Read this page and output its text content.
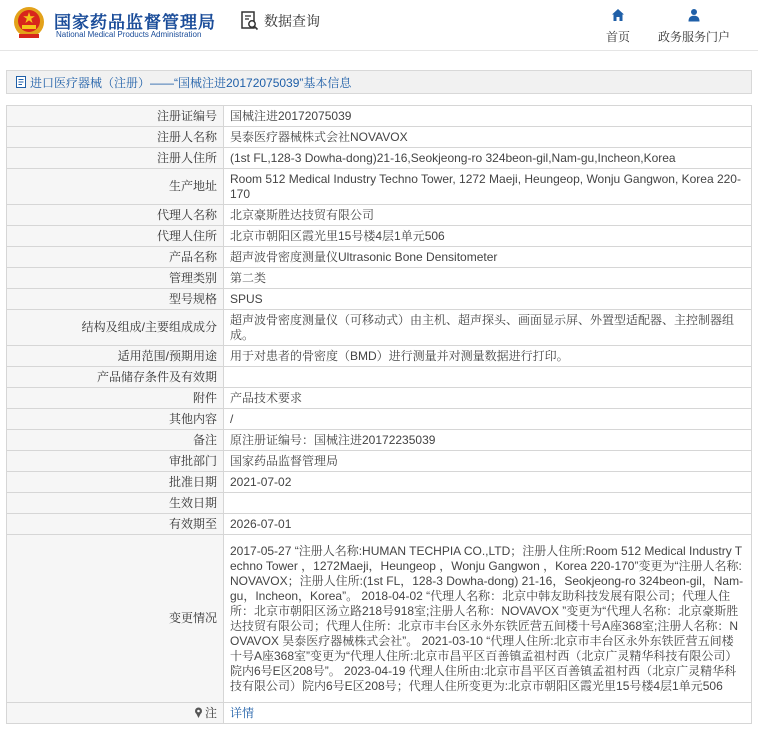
国家药品监督管理局
National Medical Products Administration
数据查询
首页	政务服务门户
进口医疗器械（注册）——“国械注进20172075039”基本信息
注册证编号	国械注进20172075039
注册人名称	昊泰医疗器械株式会社NOVAVOX
注册人住所	(1st FL,128-3 Dowha-dong)21-16,Seokjeong-ro 324beon-gil,Nam-gu,Incheon,Korea
生产地址	Room 512 Medical Industry Techno Tower, 1272 Maeji, Heungeop, Wonju Gangwon, Korea 220-170
代理人名称	北京豪斯胜达技贸有限公司
代理人住所	北京市朝阳区霞光里15号楼4层1单元506
产品名称	超声波骨密度测量仪Ultrasonic Bone Densitometer
管理类别	第二类
型号规格	SPUS
结构及组成/主要组成成分	超声波骨密度测量仪（可移动式）由主机、超声探头、画面显示屏、外置型适配器、主控制器组成。
适用范围/预期用途	用于对患者的骨密度（BMD）进行测量并对测量数据进行打印。
产品储存条件及有效期	
附件	产品技术要求
其他内容	/
备注	原注册证编号：国械注进20172235039
审批部门	国家药品监督管理局
批准日期	2021-07-02
生效日期	
有效期至	2026-07-01
变更情况	2017-05-27 “注册人名称:HUMAN TECHPIA CO.,LTD；注册人住所:Room 512 Medical Industry Techno Tower ，1272Maeji，Heungeop ，Wonju Gangwon ，Korea 220-170”变更为“注册人名称:NOVAVOX；注册人住所:(1st FL，128-3 Dowha-dong) 21-16，Seokjeong-ro 324beon-gil，Nam-gu，Incheon，Korea”。 2018-04-02 “代理人名称：北京中韩友助科技发展有限公司；代理人住所：北京市朝阳区汤立路218号918室;注册人名称：NOVAVOX ”变更为“代理人名称：北京豪斯胜达技贸有限公司；代理人住所：北京市丰台区永外东铁匠营五间楼十号A座368室;注册人名称：NOVAVOX 昊泰医疗器械株式会社”。 2021-03-10 “代理人住所:北京市丰台区永外东铁匠营五间楼十号A座368室”变更为“代理人住所:北京市昌平区百善镇孟祖村西（北京广灵精华科技有限公司）院内6号E区208号”。 2023-04-19 代理人住所由:北京市昌平区百善镇孟祖村西（北京广灵精华科技有限公司）院内6号E区208号；代理人住所变更为:北京市朝阳区霞光里15号楼4层1单元506
注	详情
